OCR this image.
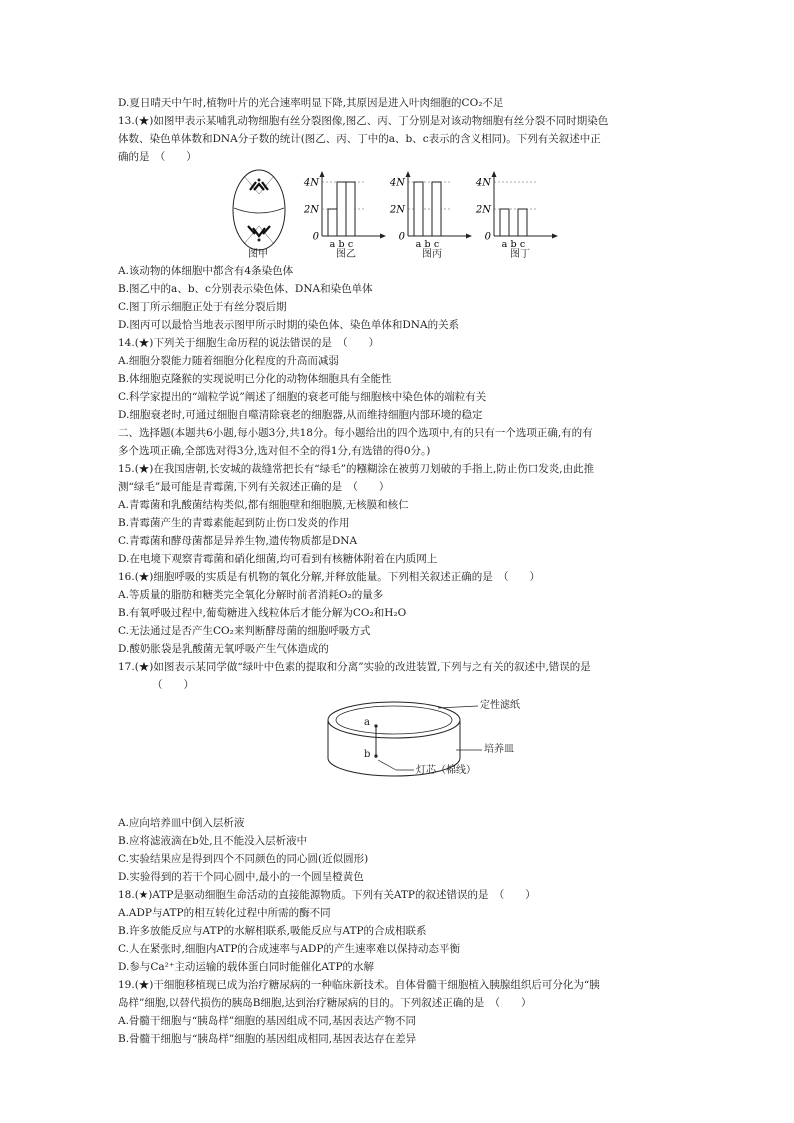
D.夏日晴天中午时,植物叶片的光合速率明显下降,其原因是进入叶肉细胞的CO₂不足
13.(★)如图甲表示某哺乳动物细胞有丝分裂图像,图乙、丙、丁分别是对该动物细胞有丝分裂不同时期染色
体数、染色单体数和DNA分子数的统计(图乙、丙、丁中的a、b、c表示的含义相同)。下列有关叙述中正
确的是　（　　）
4N
2N
0
a b c
4N
2N
0
a b c
4N
2N
0
a b c
图甲	图乙	图丙	图丁
A.该动物的体细胞中都含有4条染色体
B.图乙中的a、b、c分别表示染色体、DNA和染色单体
C.图丁所示细胞正处于有丝分裂后期
D.图丙可以最恰当地表示图甲所示时期的染色体、染色单体和DNA的关系
14.(★)下列关于细胞生命历程的说法错误的是　（　　）
A.细胞分裂能力随着细胞分化程度的升高而减弱
B.体细胞克隆猴的实现说明已分化的动物体细胞具有全能性
C.科学家提出的“端粒学说”阐述了细胞的衰老可能与细胞核中染色体的端粒有关
D.细胞衰老时,可通过细胞自噬清除衰老的细胞器,从而维持细胞内部环境的稳定
二、选择题(本题共6小题,每小题3分,共18分。每小题给出的四个选项中,有的只有一个选项正确,有的有
多个选项正确,全部选对得3分,选对但不全的得1分,有选错的得0分。)
15.(★)在我国唐朝,长安城的裁缝常把长有“绿毛”的糨糊涂在被剪刀划破的手指上,防止伤口发炎,由此推
测“绿毛”最可能是青霉菌,下列有关叙述正确的是　（　　）
A.青霉菌和乳酸菌结构类似,都有细胞壁和细胞膜,无核膜和核仁
B.青霉菌产生的青霉素能起到防止伤口发炎的作用
C.青霉菌和酵母菌都是异养生物,遗传物质都是DNA
D.在电境下观察青霉菌和硝化细菌,均可看到有核糖体附着在内质网上
16.(★)细胞呼吸的实质是有机物的氧化分解,并释放能量。下列相关叙述正确的是　（　　）
A.等质量的脂肪和糖类完全氧化分解时前者消耗O₂的量多
B.有氧呼吸过程中,葡萄糖进入线粒体后才能分解为CO₂和H₂O
C.无法通过是否产生CO₂来判断酵母菌的细胞呼吸方式
D.酸奶胀袋是乳酸菌无氧呼吸产生气体造成的
17.(★)如图表示某同学做“绿叶中色素的提取和分离”实验的改进装置,下列与之有关的叙述中,错误的是
（　　）
a
b
定性滤纸
培养皿
灯芯（棉线）
A.应向培养皿中倒入层析液
B.应将滤液滴在b处,且不能没入层析液中
C.实验结果应是得到四个不同颜色的同心圆(近似圆形)
D.实验得到的若干个同心圆中,最小的一个圆呈橙黄色
18.(★)ATP是驱动细胞生命活动的直接能源物质。下列有关ATP的叙述错误的是　（　　）
A.ADP与ATP的相互转化过程中所需的酶不同
B.许多放能反应与ATP的水解相联系,吸能反应与ATP的合成相联系
C.人在紧张时,细胞内ATP的合成速率与ADP的产生速率难以保持动态平衡
D.参与Ca²⁺主动运输的载体蛋白同时能催化ATP的水解
19.(★)干细胞移植现已成为治疗糖尿病的一种临床新技术。自体骨髓干细胞植入胰腺组织后可分化为“胰
岛样”细胞,以替代损伤的胰岛B细胞,达到治疗糖尿病的目的。下列叙述正确的是　（　　）
A.骨髓干细胞与“胰岛样”细胞的基因组成不同,基因表达产物不同
B.骨髓干细胞与“胰岛样”细胞的基因组成相同,基因表达存在差异
